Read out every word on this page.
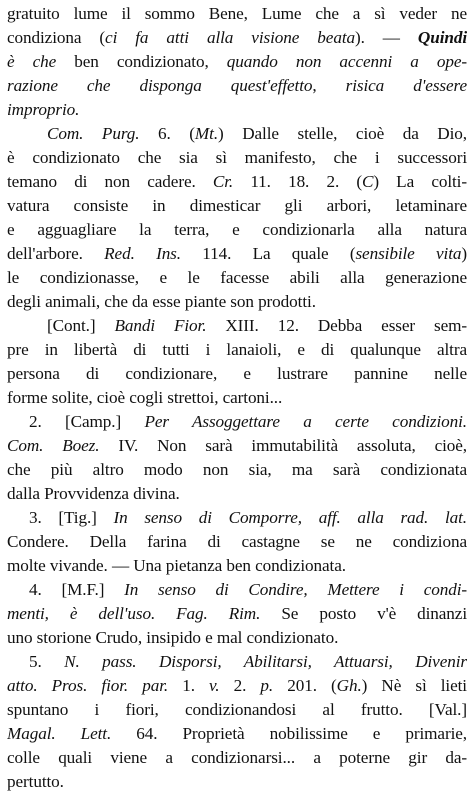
gratuito lume il sommo Bene, Lume che a sì veder ne
condiziona (ci fa atti alla visione beata). — Quindi
è che ben condizionato, quando non accenni a ope-
razione che disponga quest'effetto, risica d'essere
improprio.
Com. Purg. 6. (Mt.) Dalle stelle, cioè da Dio,
è condizionato che sia sì manifesto, che i successori
temano di non cadere. Cr. 11. 18. 2. (C) La colti-
vatura consiste in dimesticar gli arbori, letaminare
e agguagliare la terra, e condizionarla alla natura
dell'arbore. Red. Ins. 114. La quale (sensibile vita)
le condizionasse, e le facesse abili alla generazione
degli animali, che da esse piante son prodotti.
[Cont.] Bandi Fior. XIII. 12. Debba esser sem-
pre in libertà di tutti i lanaioli, e di qualunque altra
persona di condizionare, e lustrare pannine nelle
forme solite, cioè cogli strettoi, cartoni...
2. [Camp.] Per Assoggettare a certe condizioni.
Com. Boez. IV. Non sarà immutabilità assoluta, cioè,
che più altro modo non sia, ma sarà condizionata
dalla Provvidenza divina.
3. [Tig.] In senso di Comporre, aff. alla rad. lat.
Condere. Della farina di castagne se ne condiziona
molte vivande. — Una pietanza ben condizionata.
4. [M.F.] In senso di Condire, Mettere i condi-
menti, è dell'uso. Fag. Rim. Se posto v'è dinanzi
uno storione Crudo, insipido e mal condizionato.
5. N. pass. Disporsi, Abilitarsi, Attuarsi, Divenir
atto. Pros. fior. par. 1. v. 2. p. 201. (Gh.) Nè sì lieti
spuntano i fiori, condizionandosi al frutto. [Val.]
Magal. Lett. 64. Proprietà nobilissime e primarie,
colle quali viene a condizionarsi... a poterne gir da-
pertutto.
